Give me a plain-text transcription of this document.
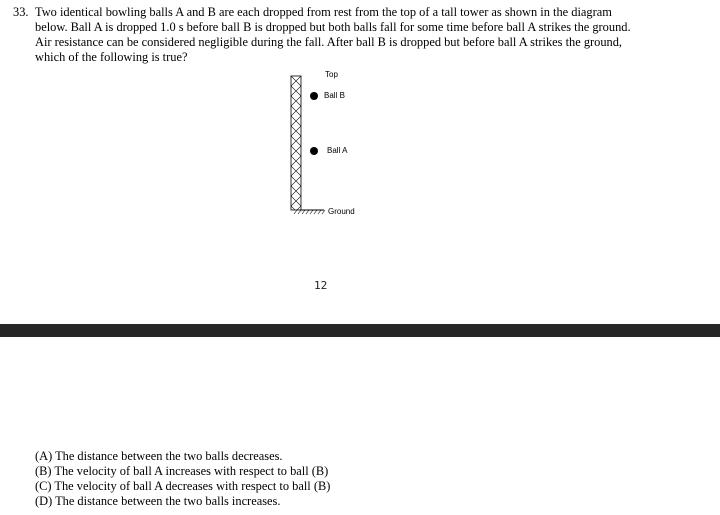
33. Two identical bowling balls A and B are each dropped from rest from the top of a tall tower as shown in the diagram below. Ball A is dropped 1.0 s before ball B is dropped but both balls fall for some time before ball A strikes the ground. Air resistance can be considered negligible during the fall. After ball B is dropped but before ball A strikes the ground, which of the following is true?
Top
Ball B
Ball A
Ground
12
(A) The distance between the two balls decreases.
(B) The velocity of ball A increases with respect to ball (B)
(C) The velocity of ball A decreases with respect to ball (B)
(D) The distance between the two balls increases.
